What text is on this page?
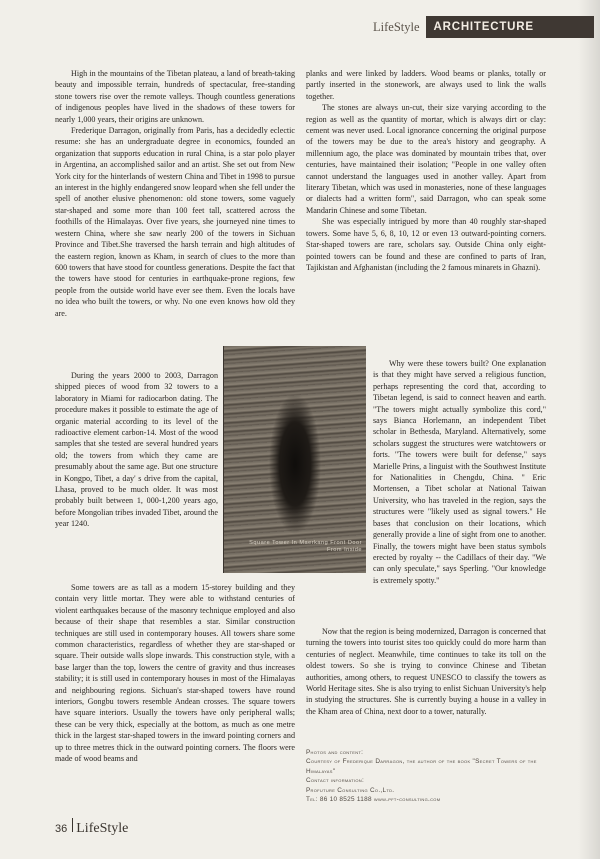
LifeStyle	ARCHITECTURE

High in the mountains of the Tibetan plateau, a land of breath-taking beauty and impossible terrain, hundreds of spectacular, free-standing stone towers rise over the remote valleys. Though countless generations of indigenous peoples have lived in the shadows of these towers for nearly 1,000 years, their origins are unknown.

Frederique Darragon, originally from Paris, has a decidedly eclectic resume: she has an undergraduate degree in economics, founded an organization that supports education in rural China, is a star polo player in Argentina, an accomplished sailor and an artist. She set out from New York city for the hinterlands of western China and Tibet in 1998 to pursue an interest in the highly endangered snow leopard when she fell under the spell of another elusive phenomenon: old stone towers, some vaguely star-shaped and some more than 100 feet tall, scattered across the foothills of the Himalayas. Over five years, she journeyed nine times to western China, where she saw nearly 200 of the towers in Sichuan Province and Tibet.She traversed the harsh terrain and high altitudes of the eastern region, known as Kham, in search of clues to the more than 600 towers that have stood for countless generations. Despite the fact that the towers have stood for centuries in earthquake-prone regions, few people from the outside world have ever see them. Even the locals have no idea who built the towers, or why. No one even knows how old they are.

Square Tower In Maerkang Front Door From Inside

During the years 2000 to 2003, Darragon shipped pieces of wood from 32 towers to a laboratory in Miami for radiocarbon dating. The procedure makes it possible to estimate the age of organic material according to its level of the radioactive element carbon-14. Most of the wood samples that she tested are several hundred years old; the towers from which they came are presumably about the same age. But one structure in Kongpo, Tibet, a day' s drive from the capital, Lhasa, proved to be much older. It was most probably built between 1, 000-1,200 years ago, before Mongolian tribes invaded Tibet, around the year 1240.

Some towers are as tall as a modern 15-storey building and they contain very little mortar. They were able to withstand centuries of violent earthquakes because of the masonry technique employed and also because of their shape that resembles a star. Similar construction techniques are still used in contemporary houses. All towers share some common characteristics, regardless of whether they are star-shaped or square. Their outside walls slope inwards. This construction style, with a base larger than the top, lowers the centre of gravity and thus increases stability; it is still used in contemporary houses in most of the Himalayas and neighbouring regions. Sichuan's star-shaped towers have round interiors, Gongbu towers resemble Andean crosses. The square towers have square interiors. Usually the towers have only peripheral walls; these can be very thick, especially at the bottom, as much as one metre thick in the largest star-shaped towers in the inward pointing corners and up to three metres thick in the outward pointing corners. The floors were made of wood beams and

planks and were linked by ladders. Wood beams or planks, totally or partly inserted in the stonework, are always used to link the walls together.

The stones are always un-cut, their size varying according to the region as well as the quantity of mortar, which is always dirt or clay: cement was never used. Local ignorance concerning the original purpose of the towers may be due to the area's history and geography. A millennium ago, the place was dominated by mountain tribes that, over centuries, have maintained their isolation; "People in one valley often cannot understand the languages used in another valley. Apart from literary Tibetan, which was used in monasteries, none of these languages or dialects had a written form", said Darragon, who can speak some Mandarin Chinese and some Tibetan.

She was especially intrigued by more than 40 roughly star-shaped towers. Some have 5, 6, 8, 10, 12 or even 13 outward-pointing corners. Star-shaped towers are rare, scholars say. Outside China only eight-pointed towers can be found and these are confined to parts of Iran, Tajikistan and Afghanistan (including the 2 famous minarets in Ghazni).

Why were these towers built? One explanation is that they might have served a religious function, perhaps representing the cord that, according to Tibetan legend, is said to connect heaven and earth. "The towers might actually symbolize this cord," says Bianca Horlemann, an independent Tibet scholar in Bethesda, Maryland. Alternatively, some scholars suggest the structures were watchtowers or forts. "The towers were built for defense," says Marielle Prins, a linguist with the Southwest Institute for Nationalities in Chengdu, China. " Eric Mortensen, a Tibet scholar at National Taiwan University, who has traveled in the region, says the structures were "likely used as signal towers." He bases that conclusion on their locations, which generally provide a line of sight from one to another. Finally, the towers might have been status symbols erected by royalty -- the Cadillacs of their day. "We can only speculate," says Sperling. "Our knowledge is extremely spotty."

Now that the region is being modernized, Darragon is concerned that turning the towers into tourist sites too quickly could do more harm than centuries of neglect. Meanwhile, time continues to take its toll on the oldest towers. So she is trying to convince Chinese and Tibetan authorities, among others, to request UNESCO to classify the towers as World Heritage sites. She is also trying to enlist Sichuan University's help in studying the structures. She is currently buying a house in a valley in the Kham area of China, next door to a tower, naturally.

Photos and content:
Courtesy of Frederique Darragon, the author of the book "Secret Towers of the Himalayas"
Contact information:
Profuture Consulting Co.,Ltd.
Tel: 86 10 8525 1188 www.pft-consulting.com
36 LifeStyle
